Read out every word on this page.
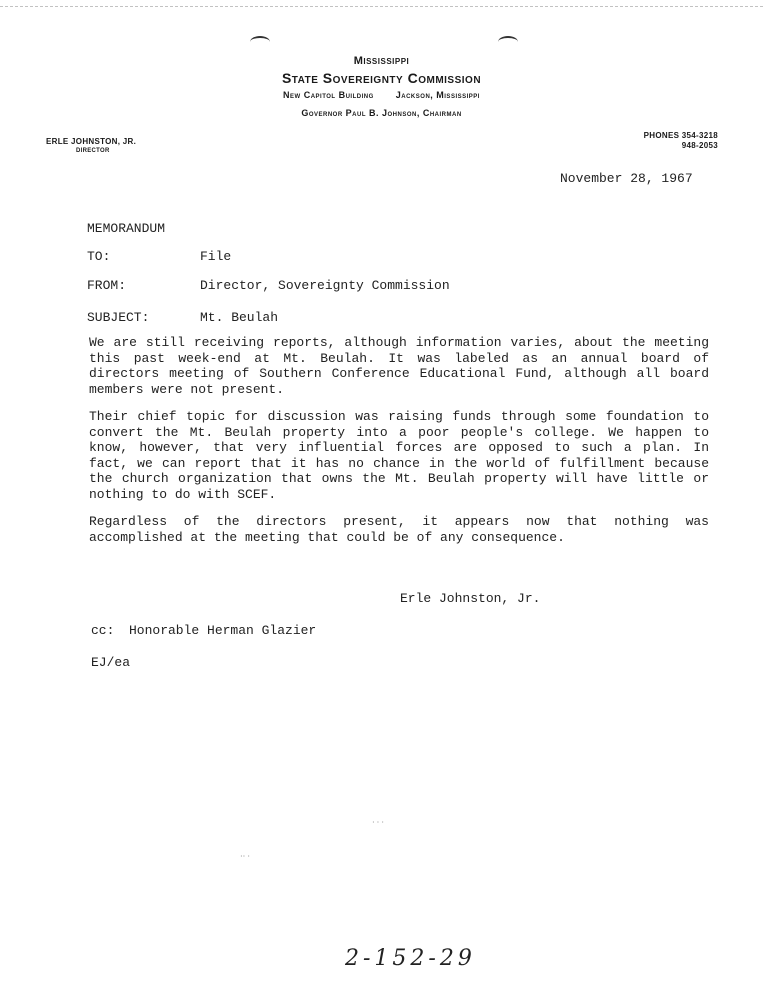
Mississippi
State Sovereignty Commission
New Capitol Building Jackson, Mississippi
Governor Paul B. Johnson, Chairman
ERLE JOHNSTON, JR.
DIRECTOR
PHONES 354-3218
948-2053
November 28, 1967
MEMORANDUM
TO:	File
FROM:	Director, Sovereignty Commission
SUBJECT:	Mt. Beulah

We are still receiving reports, although information varies, about the meeting this past week-end at Mt. Beulah. It was labeled as an annual board of directors meeting of Southern Conference Educational Fund, although all board members were not present.

Their chief topic for discussion was raising funds through some foundation to convert the Mt. Beulah property into a poor people's college. We happen to know, however, that very influential forces are opposed to such a plan. In fact, we can report that it has no chance in the world of fulfillment because the church organization that owns the Mt. Beulah property will have little or nothing to do with SCEF.

Regardless of the directors present, it appears now that nothing was accomplished at the meeting that could be of any consequence.

Erle Johnston, Jr.
cc: Honorable Herman Glazier
EJ/ea
· · ·
·· ·
2-152-29
